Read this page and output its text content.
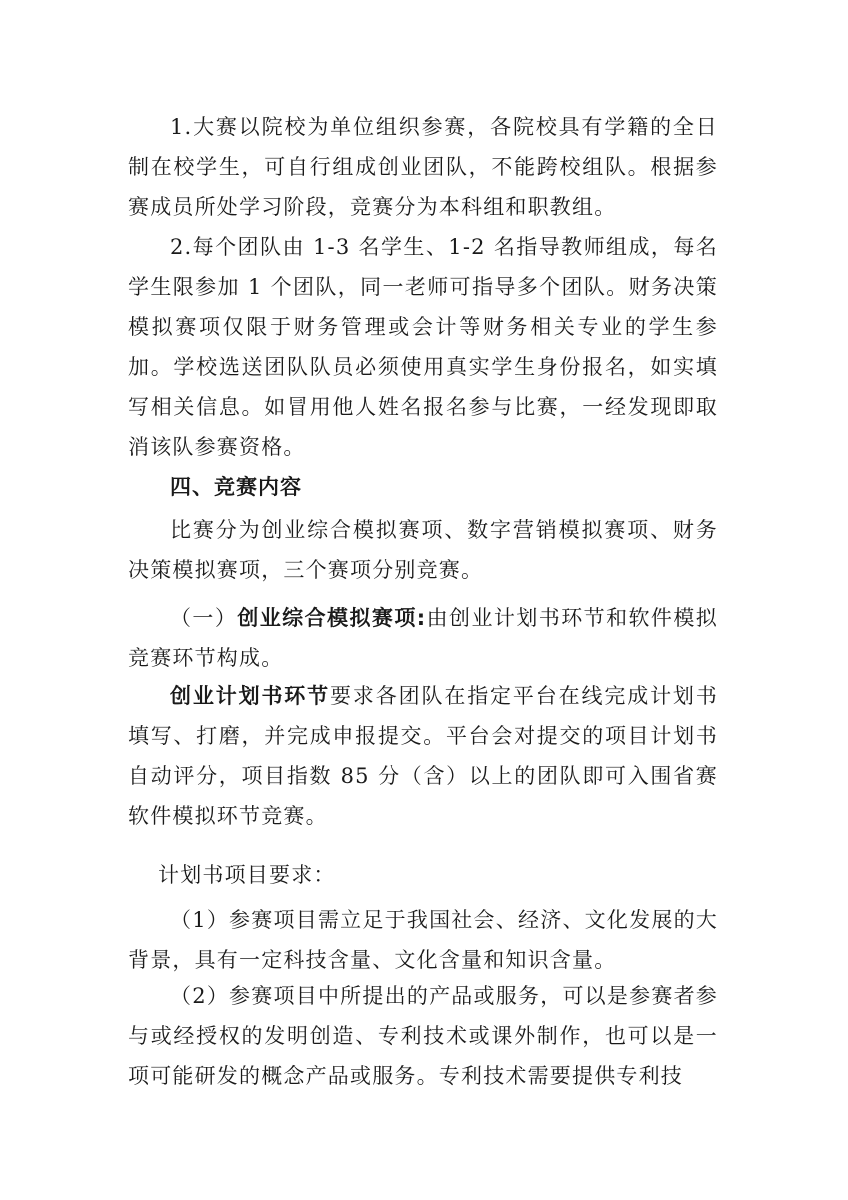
1.大赛以院校为单位组织参赛，各院校具有学籍的全日制在校学生，可自行组成创业团队，不能跨校组队。根据参赛成员所处学习阶段，竞赛分为本科组和职教组。

2.每个团队由 1-3 名学生、1-2 名指导教师组成，每名学生限参加 1 个团队，同一老师可指导多个团队。财务决策模拟赛项仅限于财务管理或会计等财务相关专业的学生参加。学校选送团队队员必须使用真实学生身份报名，如实填写相关信息。如冒用他人姓名报名参与比赛，一经发现即取消该队参赛资格。

四、竞赛内容

比赛分为创业综合模拟赛项、数字营销模拟赛项、财务决策模拟赛项，三个赛项分别竞赛。

（一）创业综合模拟赛项:由创业计划书环节和软件模拟竞赛环节构成。

创业计划书环节要求各团队在指定平台在线完成计划书填写、打磨，并完成申报提交。平台会对提交的项目计划书自动评分，项目指数 85 分（含）以上的团队即可入围省赛软件模拟环节竞赛。

计划书项目要求：

（1）参赛项目需立足于我国社会、经济、文化发展的大背景，具有一定科技含量、文化含量和知识含量。

（2）参赛项目中所提出的产品或服务，可以是参赛者参与或经授权的发明创造、专利技术或课外制作，也可以是一项可能研发的概念产品或服务。专利技术需要提供专利技
